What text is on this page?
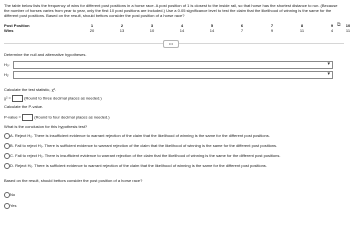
The table below lists the frequency of wins for different post positions in a horse race. A post position of 1 is closest to the inside rail, so that horse has the shortest distance to run. (Because the number of horses varies from year to year, only the first 10 post positions are included.) Use a 0.05 significance level to test the claim that the likelihood of winning is the same for the different post positions. Based on the result, should bettors consider the post position of a horse race?
Post Position	1	2	3	4	5	6	7	8	9	10
Wins	20	13	10	14	14	7	9	11	4	11
⧉
•••
Determine the null and alternative hypotheses.
H₀:	▾
H₁:	▾
Calculate the test statistic, χ².
χ² =	(Round to three decimal places as needed.)
Calculate the P-value.
P-value =	(Round to four decimal places as needed.)
What is the conclusion for this hypothesis test?
A. Reject H₀. There is insufficient evidence to warrant rejection of the claim that the likelihood of winning is the same for the different post positions.
B. Fail to reject H₀. There is sufficient evidence to warrant rejection of the claim that the likelihood of winning is the same for the different post positions.
C. Fail to reject H₀. There is insufficient evidence to warrant rejection of the claim that the likelihood of winning is the same for the different post positions.
D. Reject H₀. There is sufficient evidence to warrant rejection of the claim that the likelihood of winning is the same for the different post positions.
Based on the result, should bettors consider the post position of a horse race?
No
Yes
